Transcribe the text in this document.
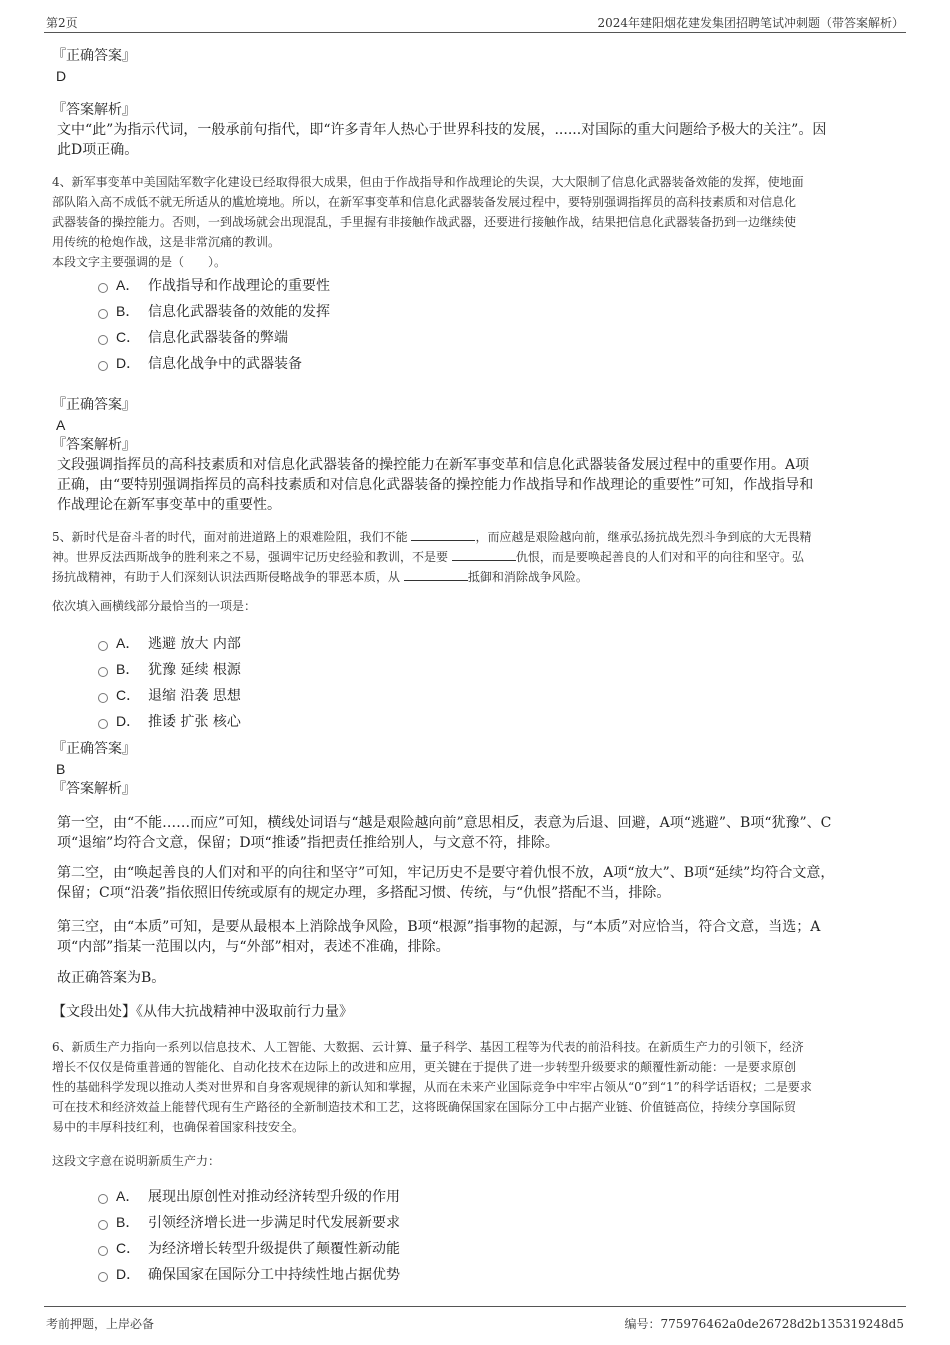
第2页	2024年建阳烟花建发集团招聘笔试冲刺题（带答案解析）
『正确答案』
D
『答案解析』
文中“此”为指示代词，一般承前句指代，即“许多青年人热心于世界科技的发展，......对国际的重大问题给予极大的关注”。因
此D项正确。
4、新军事变革中美国陆军数字化建设已经取得很大成果，但由于作战指导和作战理论的失误，大大限制了信息化武器装备效能的发挥，使地面
部队陷入高不成低不就无所适从的尴尬境地。所以，在新军事变革和信息化武器装备发展过程中，要特别强调指挥员的高科技素质和对信息化
武器装备的操控能力。否则，一到战场就会出现混乱，手里握有非接触作战武器，还要进行接触作战，结果把信息化武器装备扔到一边继续使
用传统的枪炮作战，这是非常沉痛的教训。
本段文字主要强调的是（　　）。
A． 作战指导和作战理论的重要性
B． 信息化武器装备的效能的发挥
C． 信息化武器装备的弊端
D． 信息化战争中的武器装备
『正确答案』
A
『答案解析』
文段强调指挥员的高科技素质和对信息化武器装备的操控能力在新军事变革和信息化武器装备发展过程中的重要作用。A项
正确，由“要特别强调指挥员的高科技素质和对信息化武器装备的操控能力作战指导和作战理论的重要性”可知，作战指导和
作战理论在新军事变革中的重要性。
5、新时代是奋斗者的时代，面对前进道路上的艰难险阻，我们不能	，而应越是艰险越向前，继承弘扬抗战先烈斗争到底的大无畏精
神。世界反法西斯战争的胜利来之不易，强调牢记历史经验和教训，不是要	仇恨，而是要唤起善良的人们对和平的向往和坚守。弘
扬抗战精神，有助于人们深刻认识法西斯侵略战争的罪恶本质，从	抵御和消除战争风险。
依次填入画横线部分最恰当的一项是：
A． 逃避 放大 内部
B． 犹豫 延续 根源
C． 退缩 沿袭 思想
D． 推诿 扩张 核心
『正确答案』
B
『答案解析』
第一空，由“不能……而应”可知，横线处词语与“越是艰险越向前”意思相反，表意为后退、回避，A项“逃避”、B项“犹豫”、C
项“退缩”均符合文意，保留；D项“推诿”指把责任推给别人，与文意不符，排除。
第二空，由“唤起善良的人们对和平的向往和坚守”可知，牢记历史不是要守着仇恨不放，A项“放大”、B项“延续”均符合文意，
保留；C项“沿袭”指依照旧传统或原有的规定办理，多搭配习惯、传统，与“仇恨”搭配不当，排除。
第三空，由“本质”可知，是要从最根本上消除战争风险，B项“根源”指事物的起源，与“本质”对应恰当，符合文意，当选；A
项“内部”指某一范围以内，与“外部”相对，表述不准确，排除。
故正确答案为B。
【文段出处】《从伟大抗战精神中汲取前行力量》
6、新质生产力指向一系列以信息技术、人工智能、大数据、云计算、量子科学、基因工程等为代表的前沿科技。在新质生产力的引领下，经济
增长不仅仅是倚重普通的智能化、自动化技术在边际上的改进和应用，更关键在于提供了进一步转型升级要求的颠覆性新动能：一是要求原创
性的基础科学发现以推动人类对世界和自身客观规律的新认知和掌握，从而在未来产业国际竞争中牢牢占领从“0”到“1”的科学话语权；二是要求
可在技术和经济效益上能替代现有生产路径的全新制造技术和工艺，这将既确保国家在国际分工中占据产业链、价值链高位，持续分享国际贸
易中的丰厚科技红利，也确保着国家科技安全。
这段文字意在说明新质生产力：
A． 展现出原创性对推动经济转型升级的作用
B． 引领经济增长进一步满足时代发展新要求
C． 为经济增长转型升级提供了颠覆性新动能
D． 确保国家在国际分工中持续性地占据优势
考前押题，上岸必备	编号：775976462a0de26728d2b135319248d5
